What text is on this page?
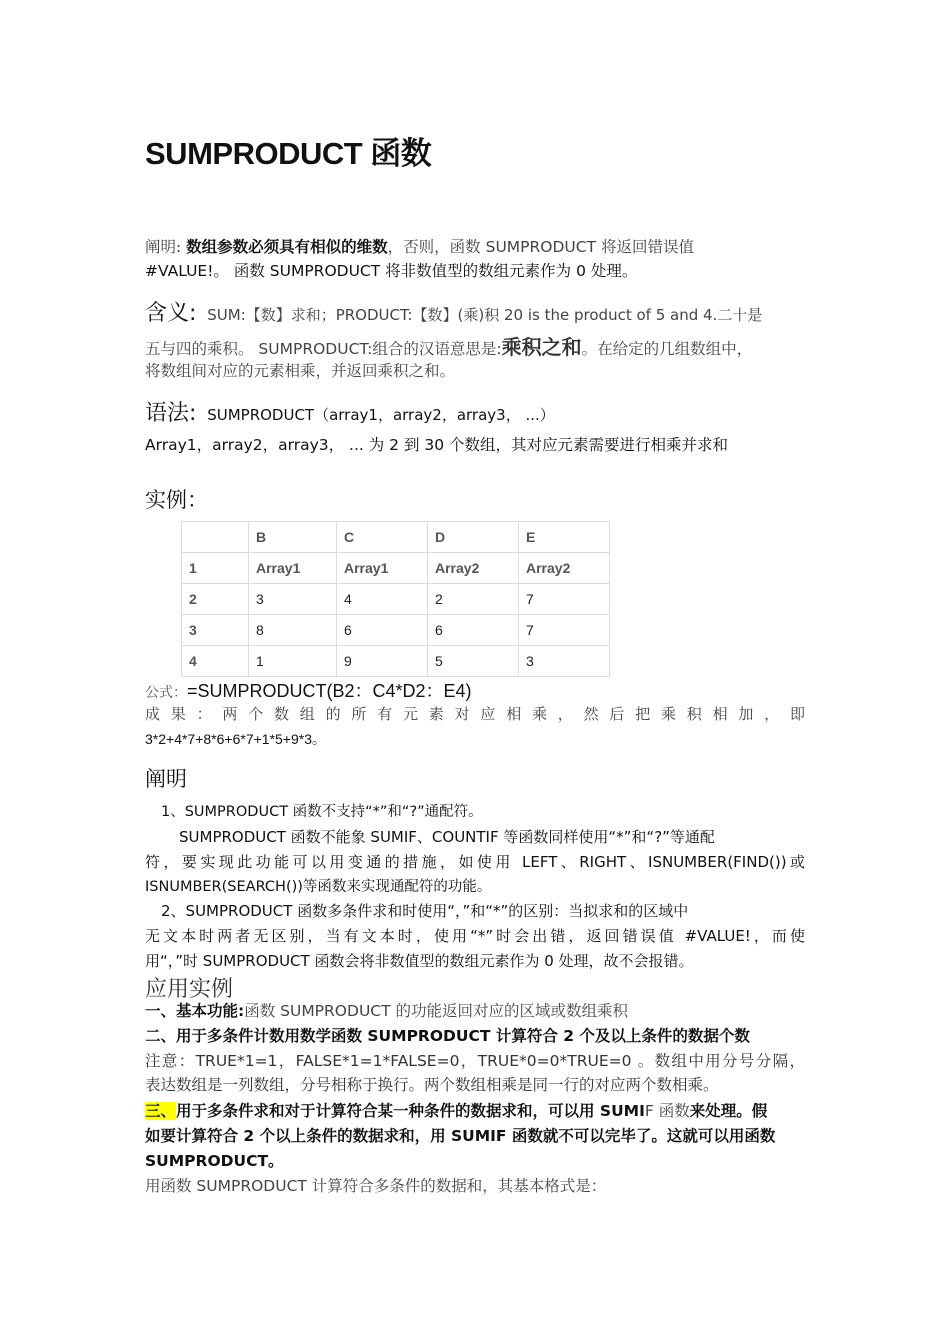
SUMPRODUCT 函数
阐明: 数组参数必须具有相似的维数，否则，函数 SUMPRODUCT 将返回错误值
#VALUE!。 函数 SUMPRODUCT 将非数值型的数组元素作为 0 处理。
含义: SUM:【数】求和；PRODUCT:【数】(乘)积 20 is the product of 5 and 4.二十是
五与四的乘积。 SUMPRODUCT:组合的汉语意思是:乘积之和。在给定的几组数组中，
将数组间对应的元素相乘，并返回乘积之和。
语法: SUMPRODUCT（array1，array2，array3， ...）
Array1，array2，array3， ... 为 2 到 30 个数组，其对应元素需要进行相乘并求和
实例：
	B	C	D	E
1	Array1	Array1	Array2	Array2
2	3	4	2	7
3	8	6	6	7
4	1	9	5	3
公式：=SUMPRODUCT(B2：C4*D2：E4)
成 果 ： 两 个 数 组 的 所 有 元 素 对 应 相 乘 ， 然 后 把 乘 积 相 加 ， 即
3*2+4*7+8*6+6*7+1*5+9*3。
阐明
1、SUMPRODUCT 函数不支持“*”和“?”通配符。
SUMPRODUCT 函数不能象 SUMIF、COUNTIF 等函数同样使用“*”和“?”等通配
符，要实现此功能可以用变通的措施，如使用 LEFT、RIGHT、ISNUMBER(FIND())或
ISNUMBER(SEARCH())等函数来实现通配符的功能。
2、SUMPRODUCT 函数多条件求和时使用“，”和“*”的区别：当拟求和的区域中
无文本时两者无区别，当有文本时，使用“*”时会出错，返回错误值 #VALUE!，而使
用“，”时 SUMPRODUCT 函数会将非数值型的数组元素作为 0 处理，故不会报错。
应用实例
一、基本功能:函数 SUMPRODUCT 的功能返回对应的区域或数组乘积
二、用于多条件计数用数学函数 SUMPRODUCT 计算符合 2 个及以上条件的数据个数
注意：TRUE*1=1，FALSE*1=1*FALSE=0，TRUE*0=0*TRUE=0 。数组中用分号分隔，
表达数组是一列数组，分号相称于换行。两个数组相乘是同一行的对应两个数相乘。
三、用于多条件求和对于计算符合某一种条件的数据求和，可以用 SUMIF 函数来处理。假
如要计算符合 2 个以上条件的数据求和，用 SUMIF 函数就不可以完毕了。这就可以用函数
SUMPRODUCT。
用函数 SUMPRODUCT 计算符合多条件的数据和，其基本格式是：
